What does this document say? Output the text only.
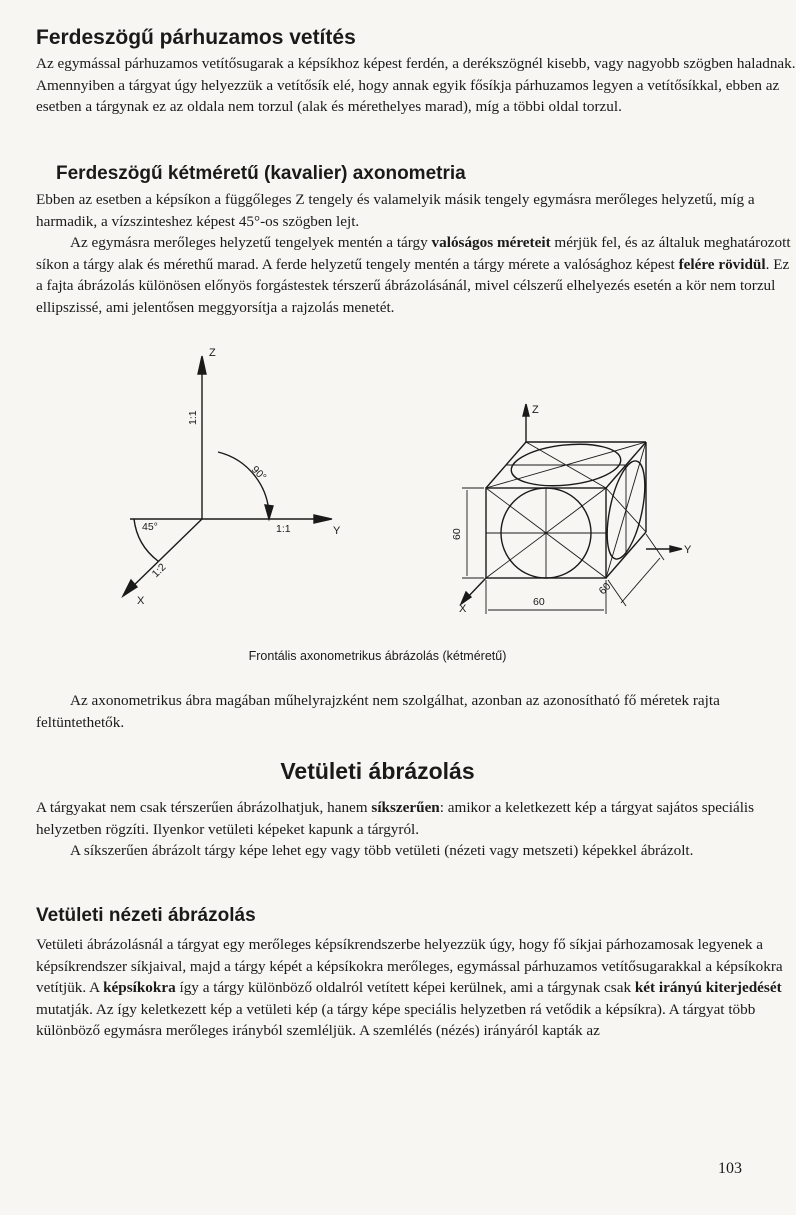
Ferdeszögű párhuzamos vetítés
Az egymással párhuzamos vetítősugarak a képsíkhoz képest ferdén, a derékszögnél kisebb, vagy nagyobb szögben haladnak. Amennyiben a tárgyat úgy helyezzük a vetítősík elé, hogy annak egyik fősíkja párhuzamos legyen a vetítősíkkal, ebben az esetben a tárgynak ez az oldala nem torzul (alak és mérethelyes marad), míg a többi oldal torzul.
Ferdeszögű kétméretű (kavalier) axonometria
Ebben az esetben a képsíkon a függőleges Z tengely és valamelyik másik tengely egymásra merőleges helyzetű, míg a harmadik, a vízszinteshez képest 45°-os szögben lejt.
Az egymásra merőleges helyzetű tengelyek mentén a tárgy valóságos méreteit mérjük fel, és az általuk meghatározott síkon a tárgy alak és mérethű marad. A ferde helyzetű tengely mentén a tárgy mérete a valósághoz képest felére rövidül. Ez a fajta ábrázolás különösen előnyös forgástestek térszerű ábrázolásánál, mivel célszerű elhelyezés esetén a kör nem torzul ellipszissé, ami jelentősen meggyorsítja a rajzolás menetét.
Z
Y
X
1:1
1:1
1:2
90°
45°
Z
Y
X
60
60
60
Frontális axonometrikus ábrázolás (kétméretű)
Az axonometrikus ábra magában műhelyrajzként nem szolgálhat, azonban az azonosítható fő méretek rajta feltüntethetők.
Vetületi ábrázolás
A tárgyakat nem csak térszerűen ábrázolhatjuk, hanem síkszerűen: amikor a keletkezett kép a tárgyat sajátos speciális helyzetben rögzíti. Ilyenkor vetületi képeket kapunk a tárgyról.
A síkszerűen ábrázolt tárgy képe lehet egy vagy több vetületi (nézeti vagy metszeti) képekkel ábrázolt.
Vetületi nézeti ábrázolás
Vetületi ábrázolásnál a tárgyat egy merőleges képsíkrendszerbe helyezzük úgy, hogy fő síkjai párhozamosak legyenek a képsíkrendszer síkjaival, majd a tárgy képét a képsíkokra merőleges, egymással párhuzamos vetítősugarakkal a képsíkokra vetítjük. A képsíkokra így a tárgy különböző oldalról vetített képei kerülnek, ami a tárgynak csak két irányú kiterjedését mutatják. Az így keletkezett kép a vetületi kép (a tárgy képe speciális helyzetben rá vetődik a képsíkra). A tárgyat több különböző egymásra merőleges irányból szemléljük. A szemlélés (nézés) irányáról kapták az
103
